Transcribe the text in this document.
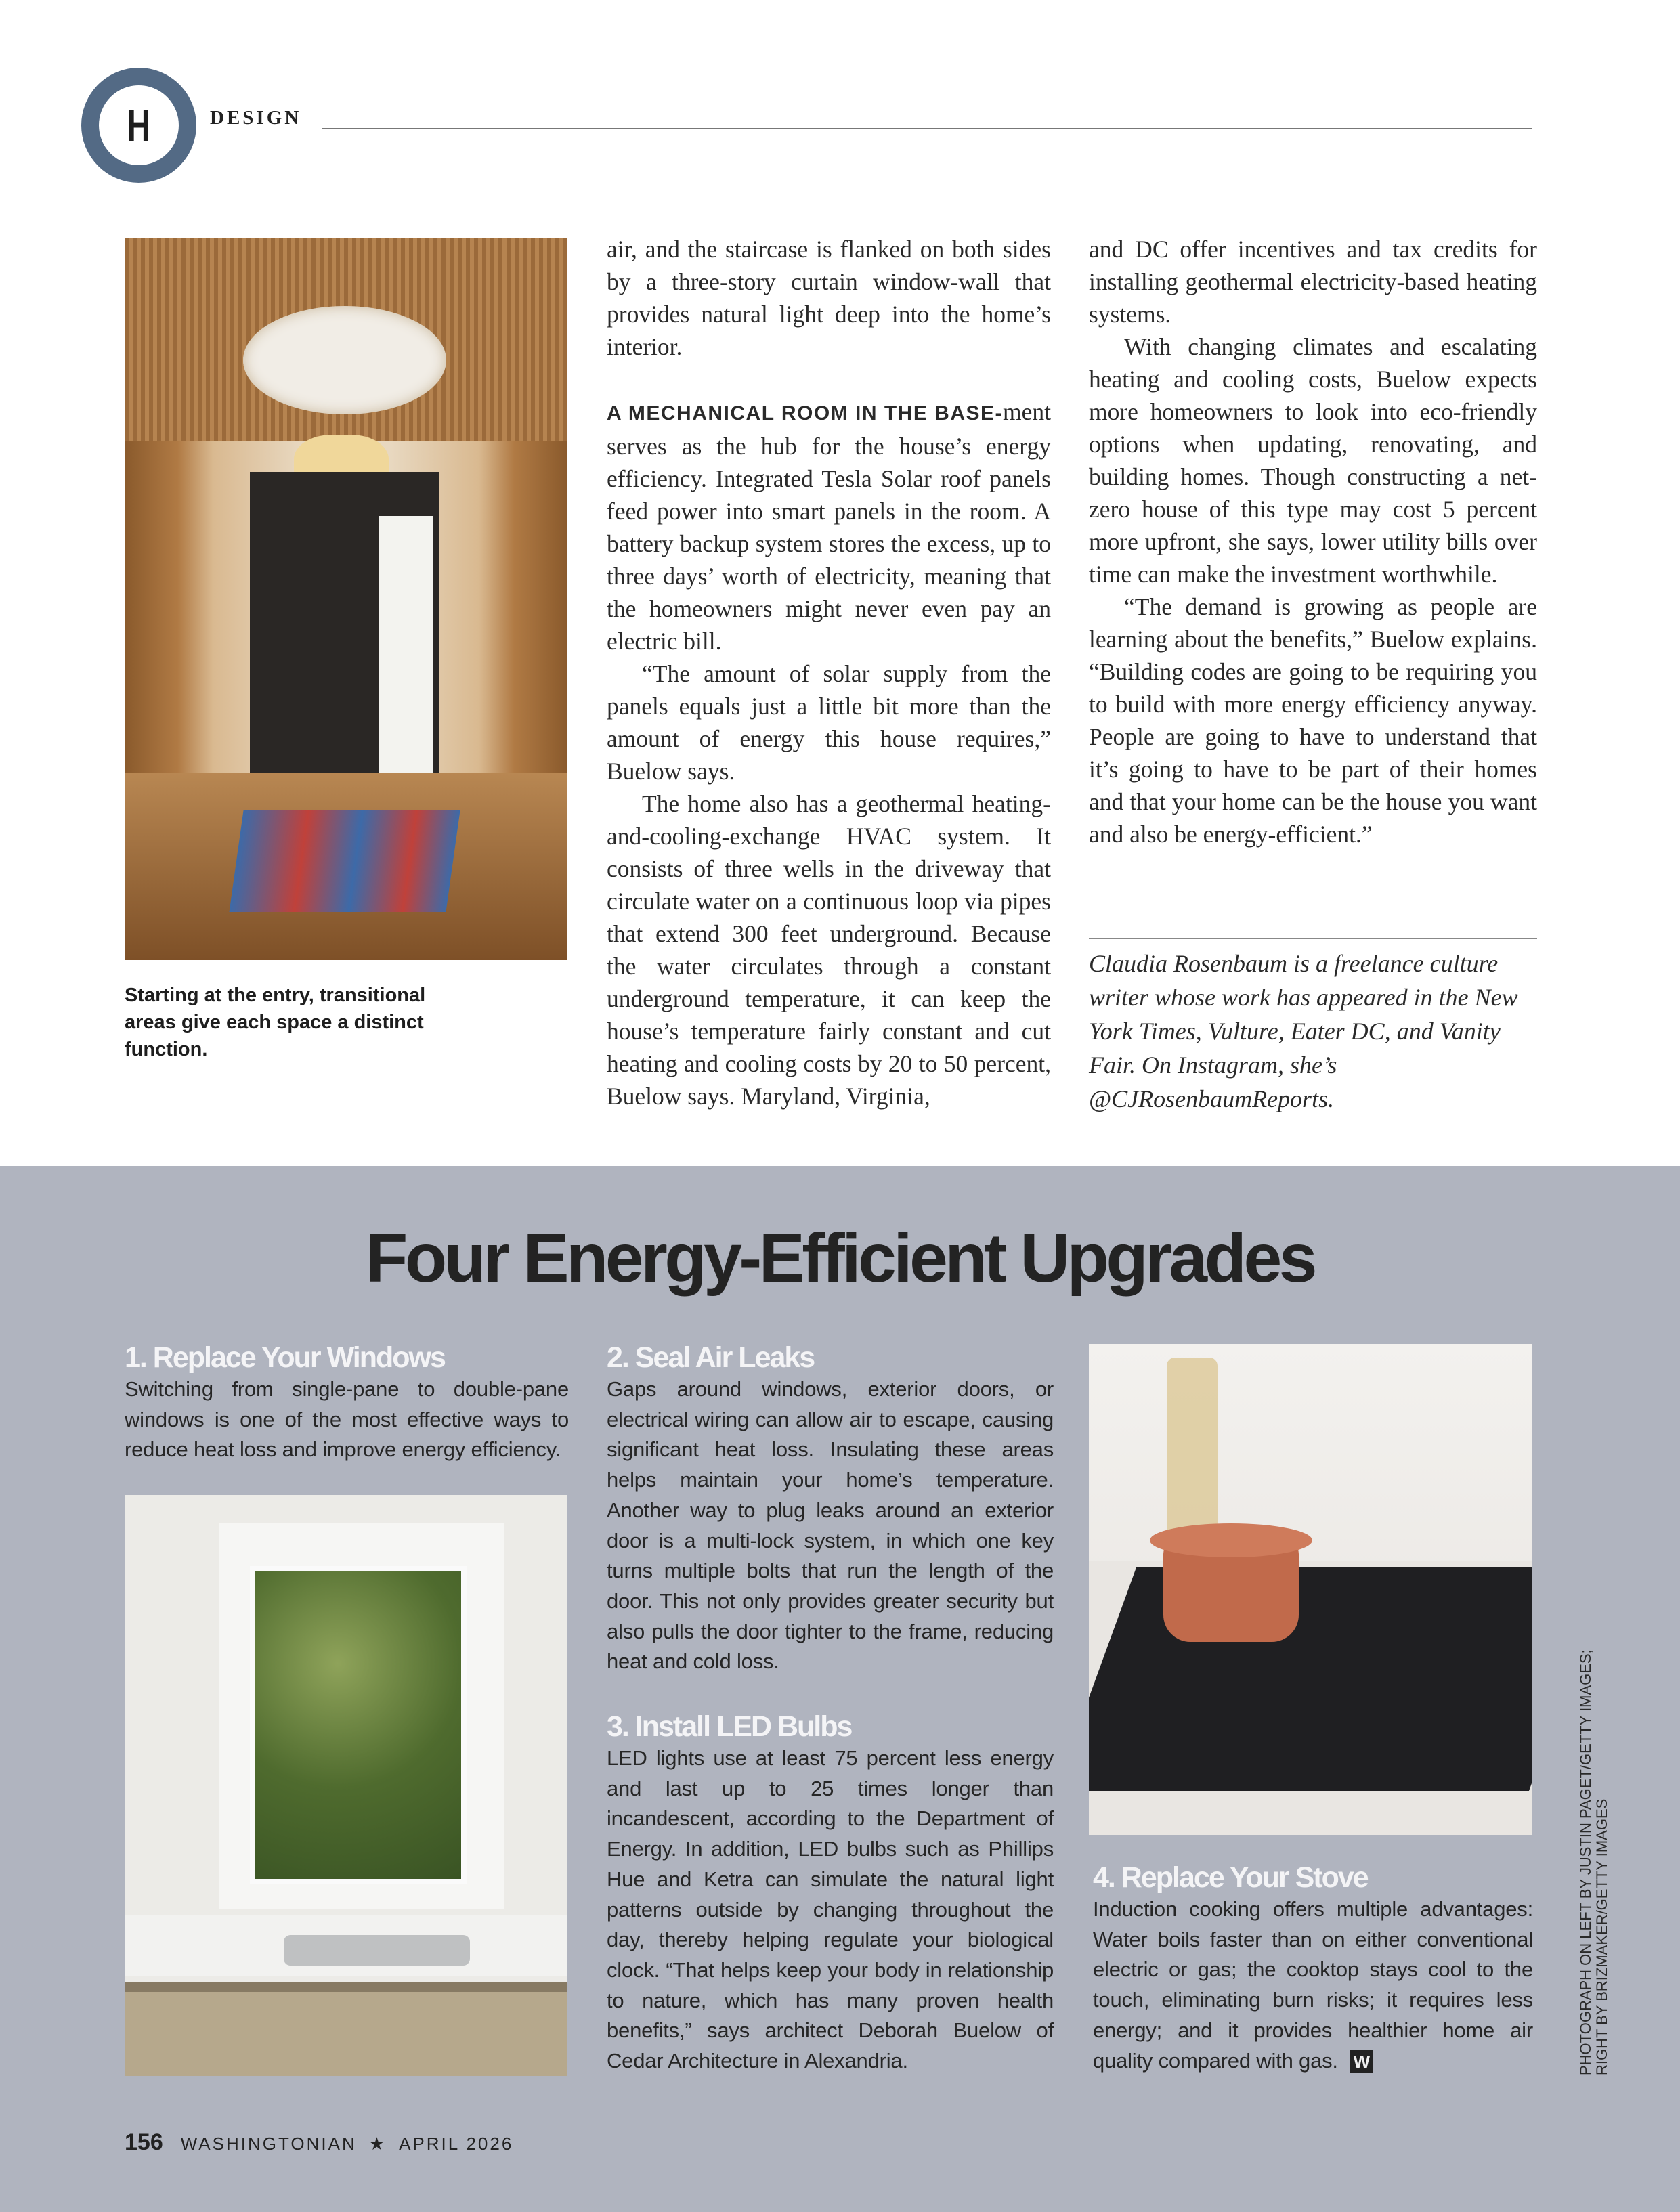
H	DESIGN
Starting at the entry, transitional areas give each space a distinct function.

air, and the staircase is flanked on both sides by a three-story curtain window-wall that provides natural light deep into the home’s interior.

A MECHANICAL ROOM IN THE BASE-ment serves as the hub for the house’s energy efficiency. Integrated Tesla Solar roof panels feed power into smart panels in the room. A battery backup system stores the excess, up to three days’ worth of electricity, meaning that the homeowners might never even pay an electric bill.

“The amount of solar supply from the panels equals just a little bit more than the amount of energy this house requires,” Buelow says.

The home also has a geothermal heating-and-cooling-exchange HVAC system. It consists of three wells in the driveway that circulate water on a continuous loop via pipes that extend 300 feet underground. Because the water circulates through a constant underground temperature, it can keep the house’s temperature fairly constant and cut heating and cooling costs by 20 to 50 percent, Buelow says. Maryland, Virginia,

and DC offer incentives and tax credits for installing geothermal electricity-based heating systems.

With changing climates and escalating heating and cooling costs, Buelow expects more homeowners to look into eco-friendly options when updating, renovating, and building homes. Though constructing a net-zero house of this type may cost 5 percent more upfront, she says, lower utility bills over time can make the investment worthwhile.

“The demand is growing as people are learning about the benefits,” Buelow explains. “Building codes are going to be requiring you to build with more energy efficiency anyway. People are going to have to understand that it’s going to have to be part of their homes and that your home can be the house you want and also be energy-efficient.”

Claudia Rosenbaum is a freelance culture writer whose work has appeared in the New York Times, Vulture, Eater DC, and Vanity Fair. On Instagram, she’s @CJRosenbaumReports.
Four Energy-Efficient Upgrades
1. Replace Your Windows

Switching from single-pane to double-pane windows is one of the most effective ways to reduce heat loss and improve energy efficiency.

2. Seal Air Leaks

Gaps around windows, exterior doors, or electrical wiring can allow air to escape, causing significant heat loss. Insulating these areas helps maintain your home’s temperature. Another way to plug leaks around an exterior door is a multi-lock system, in which one key turns multiple bolts that run the length of the door. This not only provides greater security but also pulls the door tighter to the frame, reducing heat and cold loss.

3. Install LED Bulbs

LED lights use at least 75 percent less energy and last up to 25 times longer than incandescent, according to the Department of Energy. In addition, LED bulbs such as Phillips Hue and Ketra can simulate the natural light patterns outside by changing throughout the day, thereby helping regulate your biological clock. “That helps keep your body in relationship to nature, which has many proven health benefits,” says architect Deborah Buelow of Cedar Architecture in Alexandria.

4. Replace Your Stove

Induction cooking offers multiple advantages: Water boils faster than on either conventional electric or gas; the cooktop stays cool to the touch, eliminating burn risks; it requires less energy; and it provides healthier home air quality compared with gas. W	PHOTOGRAPH ON LEFT BY JUSTIN PAGET/GETTY IMAGES; RIGHT BY BRIZMAKER/GETTY IMAGES
156 WASHINGTONIAN ★ APRIL 2026
